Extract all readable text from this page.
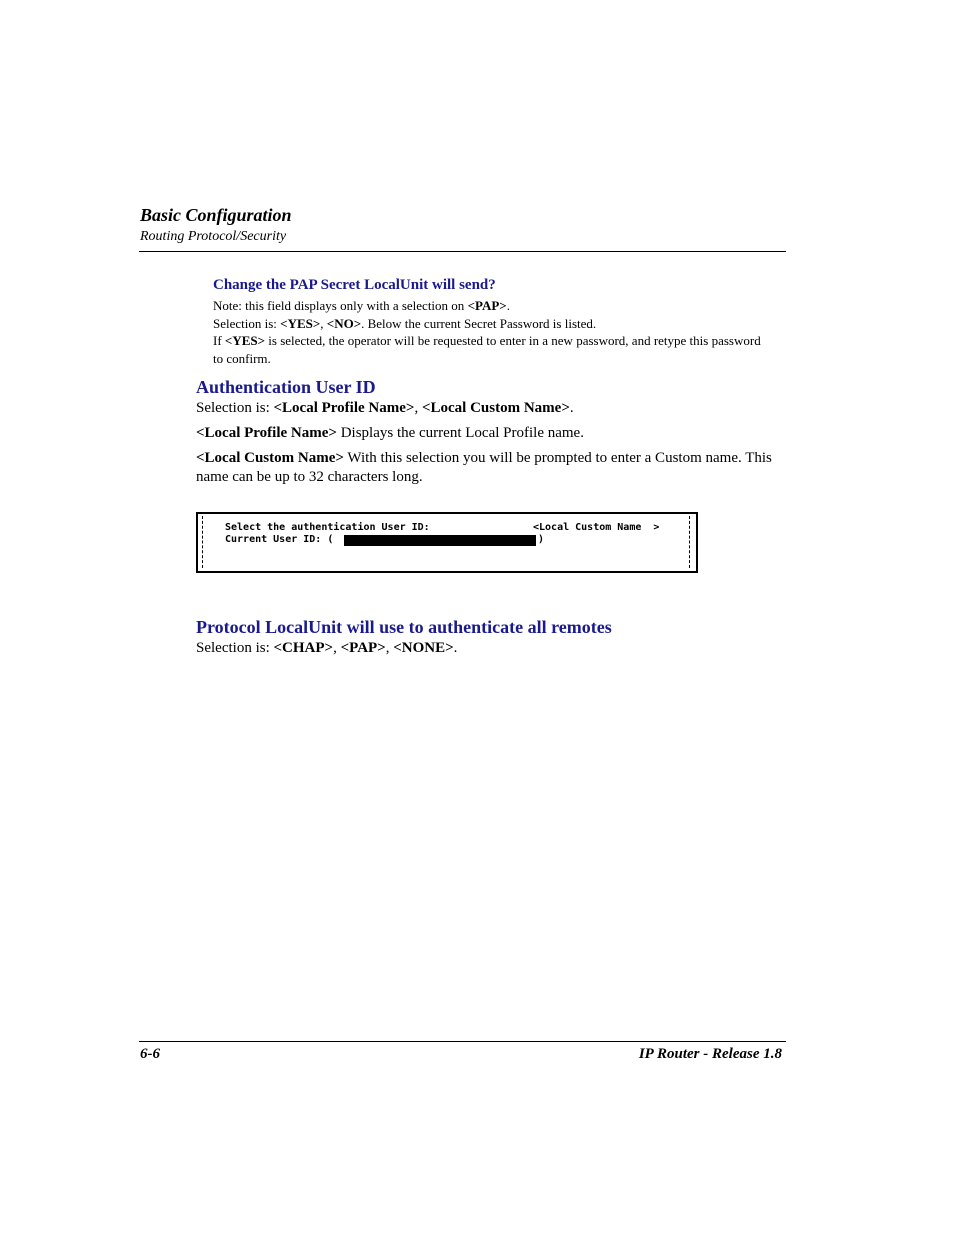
Basic Configuration
Routing Protocol/Security
Change the PAP Secret LocalUnit will send?
Note: this field displays only with a selection on <PAP>.
Selection is: <YES>, <NO>. Below the current Secret Password is listed.
If <YES> is selected, the operator will be requested to enter in a new password, and retype this password to confirm.
Authentication User ID
Selection is: <Local Profile Name>, <Local Custom Name>.
<Local Profile Name> Displays the current Local Profile name.
<Local Custom Name> With this selection you will be prompted to enter a Custom name. This name can be up to 32 characters long.
Select the authentication User ID:	<Local Custom Name  >
Current User ID: (	)
Protocol LocalUnit will use to authenticate all remotes
Selection is: <CHAP>, <PAP>, <NONE>.
6-6	IP Router - Release 1.8
